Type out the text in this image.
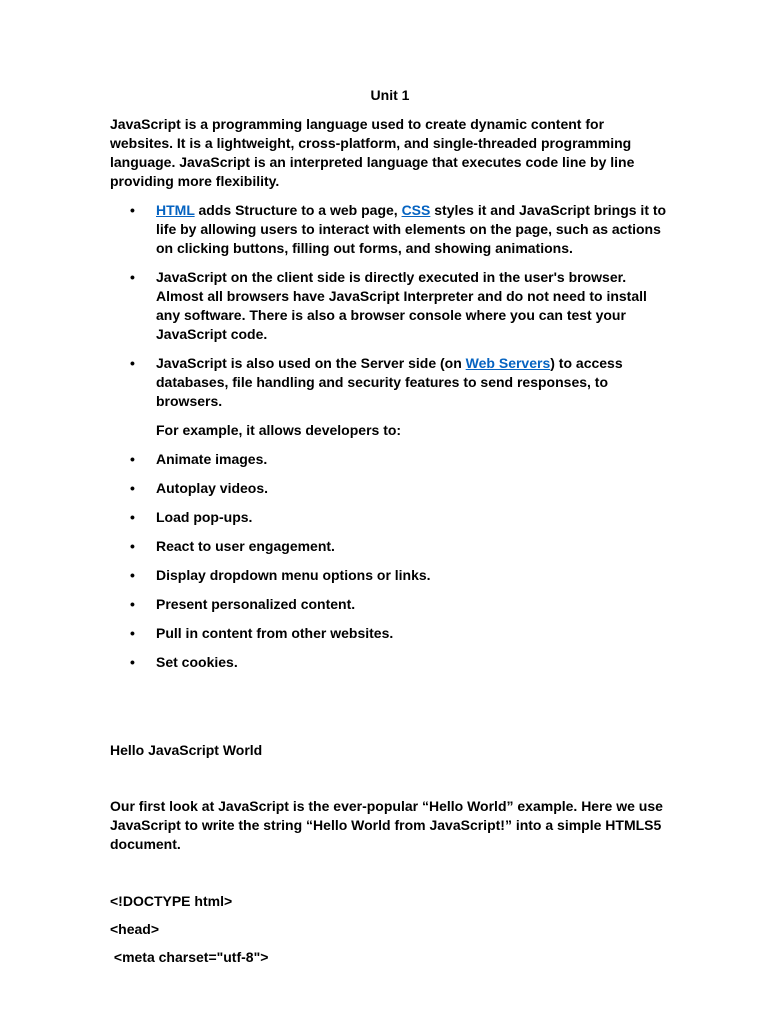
Unit 1

JavaScript is a programming language used to create dynamic content for websites. It is a lightweight, cross-platform, and single-threaded programming language. JavaScript is an interpreted language that executes code line by line providing more flexibility.

• HTML adds Structure to a web page, CSS styles it and JavaScript brings it to life by allowing users to interact with elements on the page, such as actions on clicking buttons, filling out forms, and showing animations.
• JavaScript on the client side is directly executed in the user's browser. Almost all browsers have JavaScript Interpreter and do not need to install any software. There is also a browser console where you can test your JavaScript code.
• JavaScript is also used on the Server side (on Web Servers) to access databases, file handling and security features to send responses, to browsers.
For example, it allows developers to:
• Animate images.
• Autoplay videos.
• Load pop-ups.
• React to user engagement.
• Display dropdown menu options or links.
• Present personalized content.
• Pull in content from other websites.
• Set cookies.

Hello JavaScript World

Our first look at JavaScript is the ever-popular “Hello World” example. Here we use JavaScript to write the string “Hello World from JavaScript!” into a simple HTMLS5 document.

<!DOCTYPE html>
<head>
<meta charset="utf-8">
